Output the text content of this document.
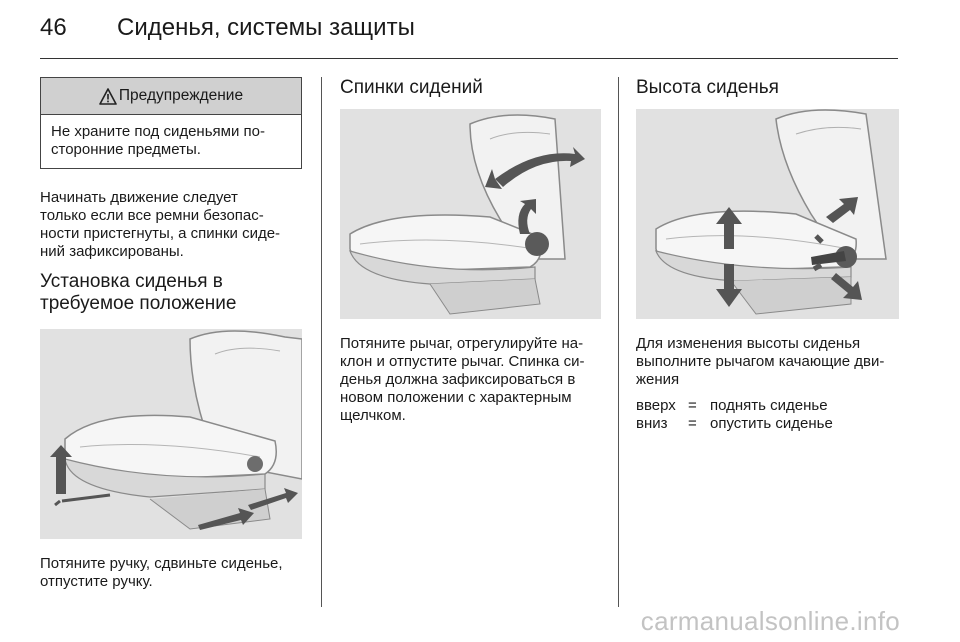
46 Сиденья, системы защиты
Предупреждение
Не храните под сиденьями по-
сторонние предметы.

Начинать движение следует

только если все ремни безопас-

ности пристегнуты, а спинки сиде-

ний зафиксированы.

Установка сиденья в

требуемое положение

Потяните ручку, сдвиньте сиденье,

отпустите ручку.

Спинки сидений

Потяните рычаг, отрегулируйте на-

клон и отпустите рычаг. Спинка си-

денья должна зафиксироваться в

новом положении с характерным

щелчком.

Высота сиденья

Для изменения высоты сиденья

выполните рычагом качающие дви-

жения

вверх = поднять сиденье
вниз	= опустить сиденье
carmanualsonline.info
